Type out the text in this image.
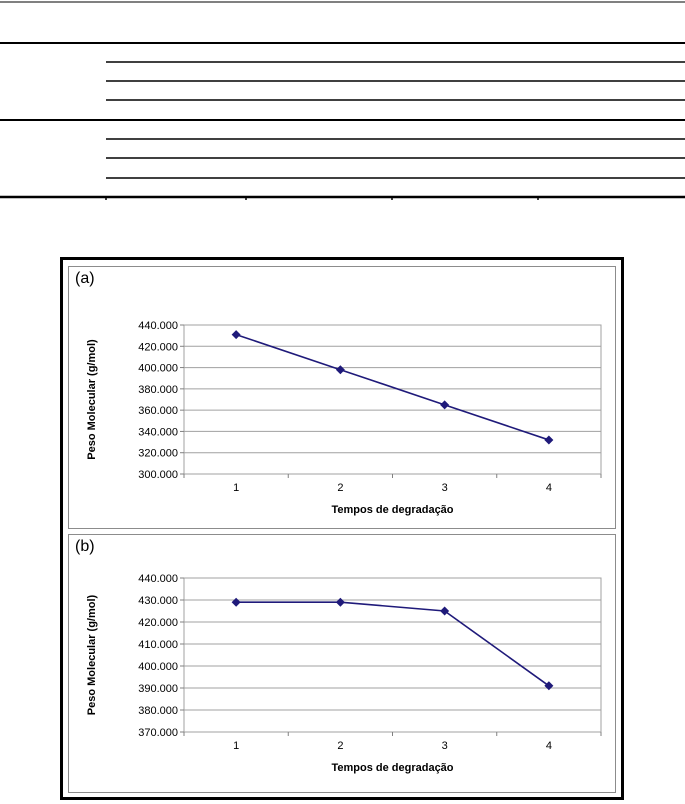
(a)
300.000
320.000
340.000
360.000
380.000
400.000
420.000
440.000
1	2	3	4
Tempos de degradação
Peso Molecular (g/mol)
(b)
370.000
380.000
390.000
400.000
410.000
420.000
430.000
440.000
1	2	3	4
Tempos de degradação
Peso Molecular (g/mol)
